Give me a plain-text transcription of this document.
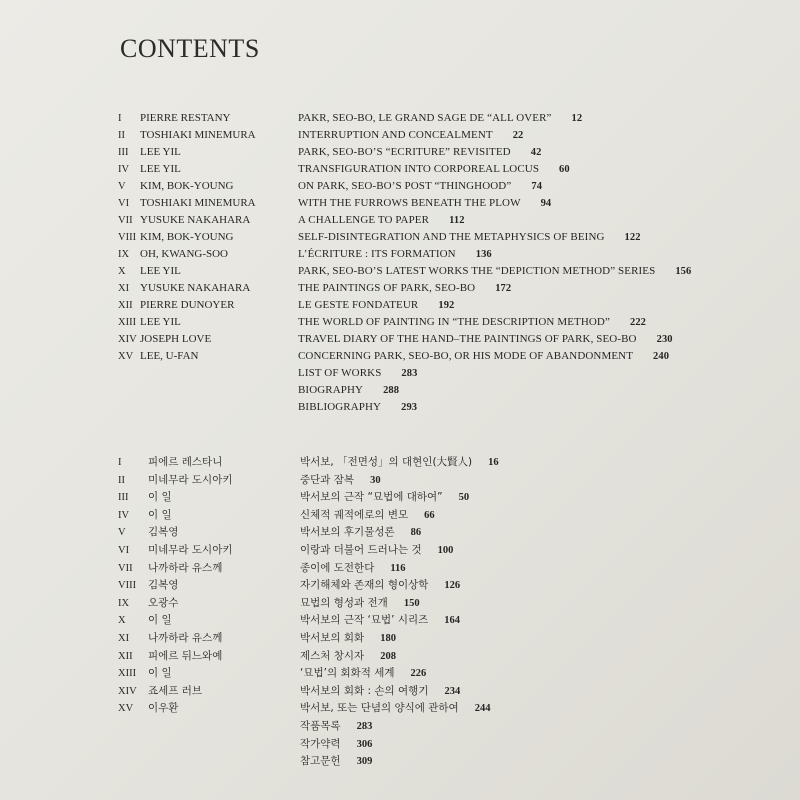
CONTENTS
I	PIERRE RESTANY	PAKR, SEO-BO, LE GRAND SAGE DE “ALL OVER” 12
II	TOSHIAKI MINEMURA	INTERRUPTION AND CONCEALMENT 22
III	LEE YIL	PARK, SEO-BO’S “ECRITURE” REVISITED 42
IV LEE YIL	TRANSFIGURATION INTO CORPOREAL LOCUS 60
V	KIM, BOK-YOUNG	ON PARK, SEO-BO’S POST “THINGHOOD” 74
VI TOSHIAKI MINEMURA	WITH THE FURROWS BENEATH THE PLOW 94
VII YUSUKE NAKAHARA	A CHALLENGE TO PAPER 112
VIII KIM, BOK-YOUNG	SELF-DISINTEGRATION AND THE METAPHYSICS OF BEING 122
IX OH, KWANG-SOO	L’ÉCRITURE : ITS FORMATION 136
X	LEE YIL	PARK, SEO-BO’S LATEST WORKS THE “DEPICTION METHOD” SERIES 156
XI YUSUKE NAKAHARA	THE PAINTINGS OF PARK, SEO-BO 172
XII PIERRE DUNOYER	LE GESTE FONDATEUR 192
XIII LEE YIL	THE WORLD OF PAINTING IN “THE DESCRIPTION METHOD” 222
XIV JOSEPH LOVE	TRAVEL DIARY OF THE HAND–THE PAINTINGS OF PARK, SEO-BO 230
XV LEE, U-FAN	CONCERNING PARK, SEO-BO, OR HIS MODE OF ABANDONMENT 240
LIST OF WORKS 283
BIOGRAPHY 288
BIBLIOGRAPHY 293
I	피에르 레스타니	박서보, 「전면성」의 대현인(大賢人) 16
II	미네무라 도시아키	중단과 잠복 30
III	이 일	박서보의 근작 “묘법에 대하여” 50
IV	이 일	신체적 궤적에로의 변모 66
V	김복영	박서보의 후기물성론 86
VI	미네무라 도시아키	이랑과 더불어 드러나는 것 100
VII	나까하라 유스께	종이에 도전한다 116
VIII 김복영	자기해체와 존재의 형이상학 126
IX	오광수	묘법의 형성과 전개 150
X	이 일	박서보의 근작 ‘묘법’ 시리즈 164
XI	나까하라 유스께	박서보의 회화 180
XII	피에르 뒤느와예	제스처 창시자 208
XIII 이 일	‘묘법’의 회화적 세계 226
XIV 죠세프 러브	박서보의 회화 : 손의 여행기 234
XV	이우환	박서보, 또는 단념의 양식에 관하여 244
작품목록 283
작가약력 306
참고문헌 309
